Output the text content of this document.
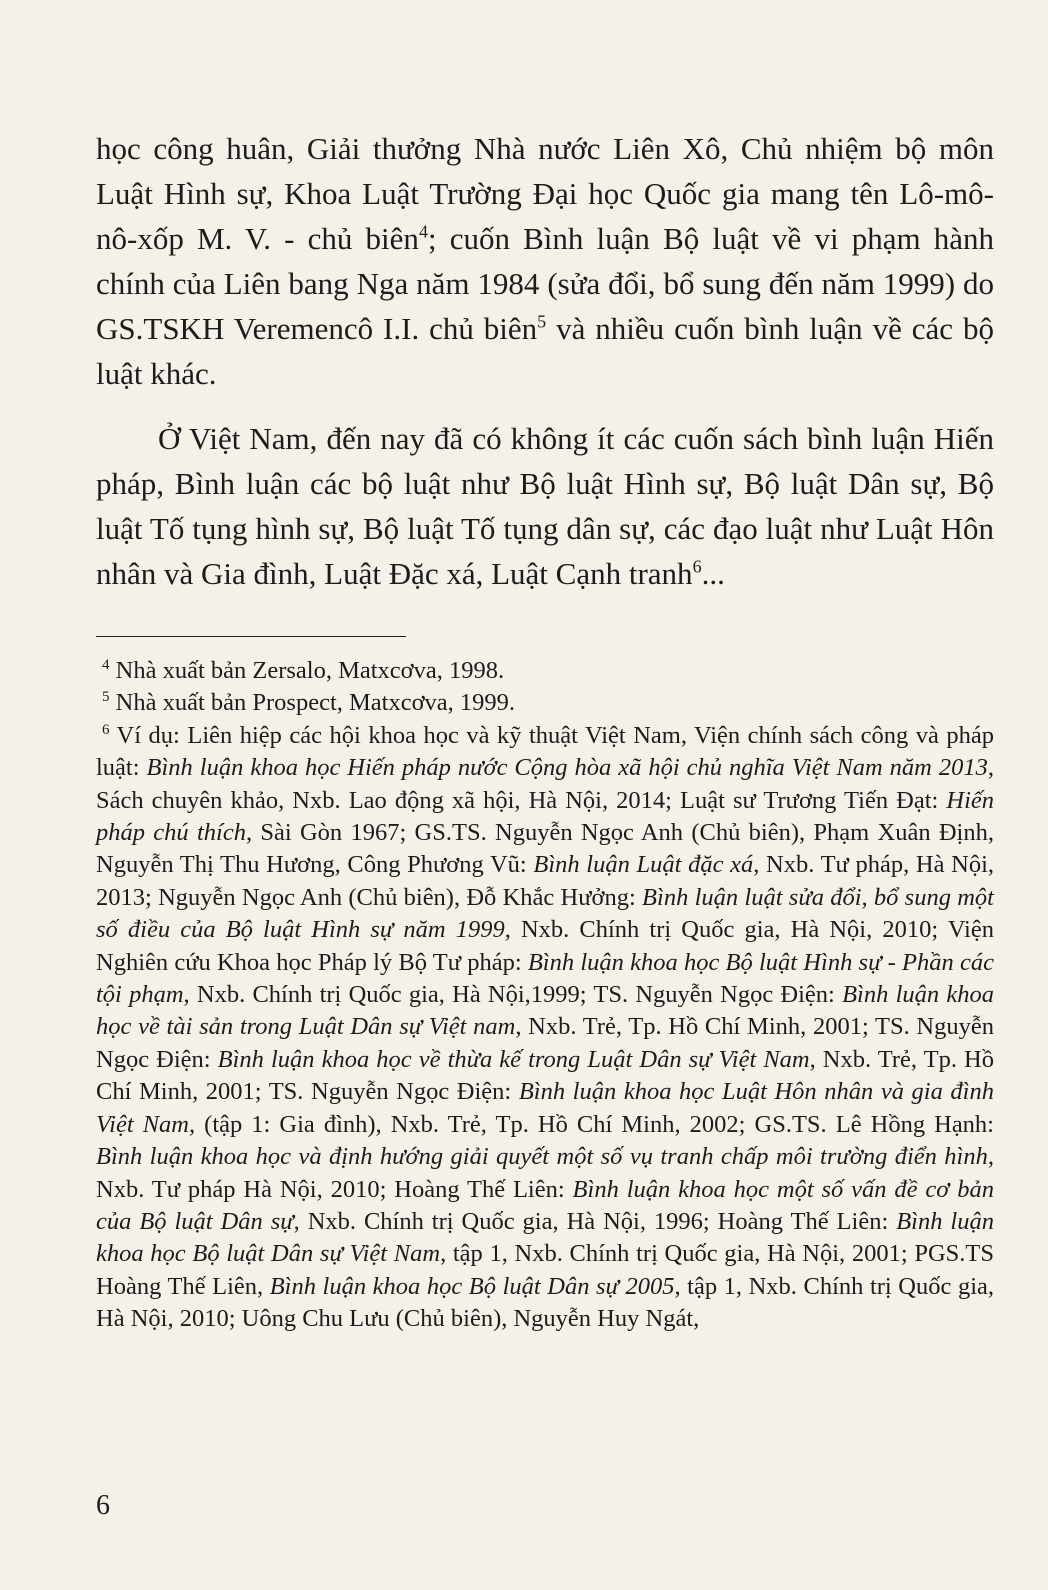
học công huân, Giải thưởng Nhà nước Liên Xô, Chủ nhiệm bộ môn Luật Hình sự, Khoa Luật Trường Đại học Quốc gia mang tên Lô-mô-nô-xốp M. V. - chủ biên$^4$; cuốn Bình luận Bộ luật về vi phạm hành chính của Liên bang Nga năm 1984 (sửa đổi, bổ sung đến năm 1999) do GS.TSKH Veremencô I.I. chủ biên$^5$ và nhiều cuốn bình luận về các bộ luật khác.

Ở Việt Nam, đến nay đã có không ít các cuốn sách bình luận Hiến pháp, Bình luận các bộ luật như Bộ luật Hình sự, Bộ luật Dân sự, Bộ luật Tố tụng hình sự, Bộ luật Tố tụng dân sự, các đạo luật như Luật Hôn nhân và Gia đình, Luật Đặc xá, Luật Cạnh tranh$^6$...

$^4$ Nhà xuất bản Zersalo, Matxcơva, 1998.

$^5$ Nhà xuất bản Prospect, Matxcơva, 1999.

$^6$ Ví dụ: Liên hiệp các hội khoa học và kỹ thuật Việt Nam, Viện chính sách công và pháp luật: Bình luận khoa học Hiến pháp nước Cộng hòa xã hội chủ nghĩa Việt Nam năm 2013, Sách chuyên khảo, Nxb. Lao động xã hội, Hà Nội, 2014; Luật sư Trương Tiến Đạt: Hiến pháp chú thích, Sài Gòn 1967; GS.TS. Nguyễn Ngọc Anh (Chủ biên), Phạm Xuân Định, Nguyễn Thị Thu Hương, Công Phương Vũ: Bình luận Luật đặc xá, Nxb. Tư pháp, Hà Nội, 2013; Nguyễn Ngọc Anh (Chủ biên), Đỗ Khắc Hưởng: Bình luận luật sửa đổi, bổ sung một số điều của Bộ luật Hình sự năm 1999, Nxb. Chính trị Quốc gia, Hà Nội, 2010; Viện Nghiên cứu Khoa học Pháp lý Bộ Tư pháp: Bình luận khoa học Bộ luật Hình sự - Phần các tội phạm, Nxb. Chính trị Quốc gia, Hà Nội,1999; TS. Nguyễn Ngọc Điện: Bình luận khoa học về tài sản trong Luật Dân sự Việt nam, Nxb. Trẻ, Tp. Hồ Chí Minh, 2001; TS. Nguyễn Ngọc Điện: Bình luận khoa học về thừa kế trong Luật Dân sự Việt Nam, Nxb. Trẻ, Tp. Hồ Chí Minh, 2001; TS. Nguyễn Ngọc Điện: Bình luận khoa học Luật Hôn nhân và gia đình Việt Nam, (tập 1: Gia đình), Nxb. Trẻ, Tp. Hồ Chí Minh, 2002; GS.TS. Lê Hồng Hạnh: Bình luận khoa học và định hướng giải quyết một số vụ tranh chấp môi trường điển hình, Nxb. Tư pháp Hà Nội, 2010; Hoàng Thế Liên: Bình luận khoa học một số vấn đề cơ bản của Bộ luật Dân sự, Nxb. Chính trị Quốc gia, Hà Nội, 1996; Hoàng Thế Liên: Bình luận khoa học Bộ luật Dân sự Việt Nam, tập 1, Nxb. Chính trị Quốc gia, Hà Nội, 2001; PGS.TS Hoàng Thế Liên, Bình luận khoa học Bộ luật Dân sự 2005, tập 1, Nxb. Chính trị Quốc gia, Hà Nội, 2010; Uông Chu Lưu (Chủ biên), Nguyễn Huy Ngát,

6
